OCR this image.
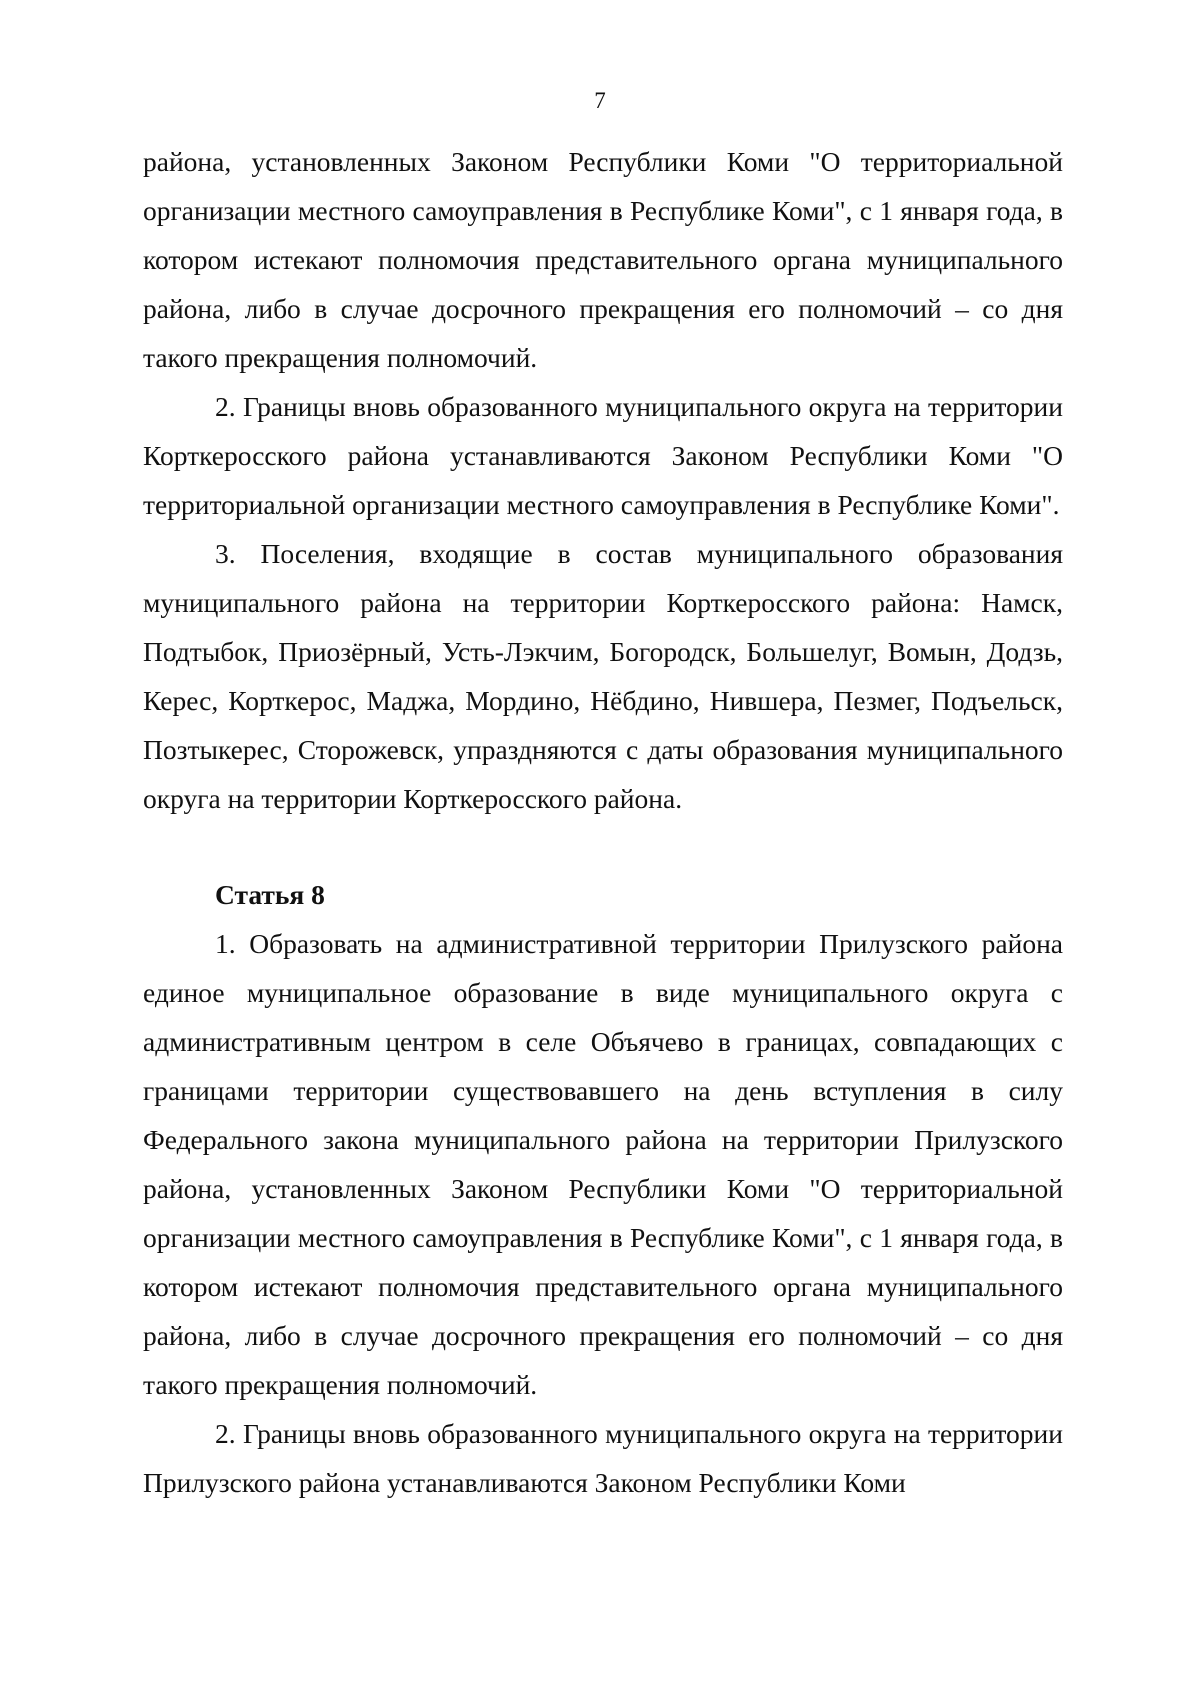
7

района, установленных Законом Республики Коми "О территориальной организации местного самоуправления в Республике Коми", с 1 января года, в котором истекают полномочия представительного органа муниципального района, либо в случае досрочного прекращения его полномочий – со дня такого прекращения полномочий.

2. Границы вновь образованного муниципального округа на территории Корткеросского района устанавливаются Законом Республики Коми "О территориальной организации местного самоуправления в Республике Коми".

3. Поселения, входящие в состав муниципального образования муниципального района на территории Корткеросского района: Намск, Подтыбок, Приозёрный, Усть-Лэкчим, Богородск, Большелуг, Вомын, Додзь, Керес, Корткерос, Маджа, Мордино, Нёбдино, Нившера, Пезмег, Подъельск, Позтыкерес, Сторожевск, упраздняются с даты образования муниципального округа на территории Корткеросского района.

Статья 8

1. Образовать на административной территории Прилузского района единое муниципальное образование в виде муниципального округа с административным центром в селе Объячево в границах, совпадающих с границами территории существовавшего на день вступления в силу Федерального закона муниципального района на территории Прилузского района, установленных Законом Республики Коми "О территориальной организации местного самоуправления в Республике Коми", с 1 января года, в котором истекают полномочия представительного органа муниципального района, либо в случае досрочного прекращения его полномочий – со дня такого прекращения полномочий.

2. Границы вновь образованного муниципального округа на территории Прилузского района устанавливаются Законом Республики Коми
